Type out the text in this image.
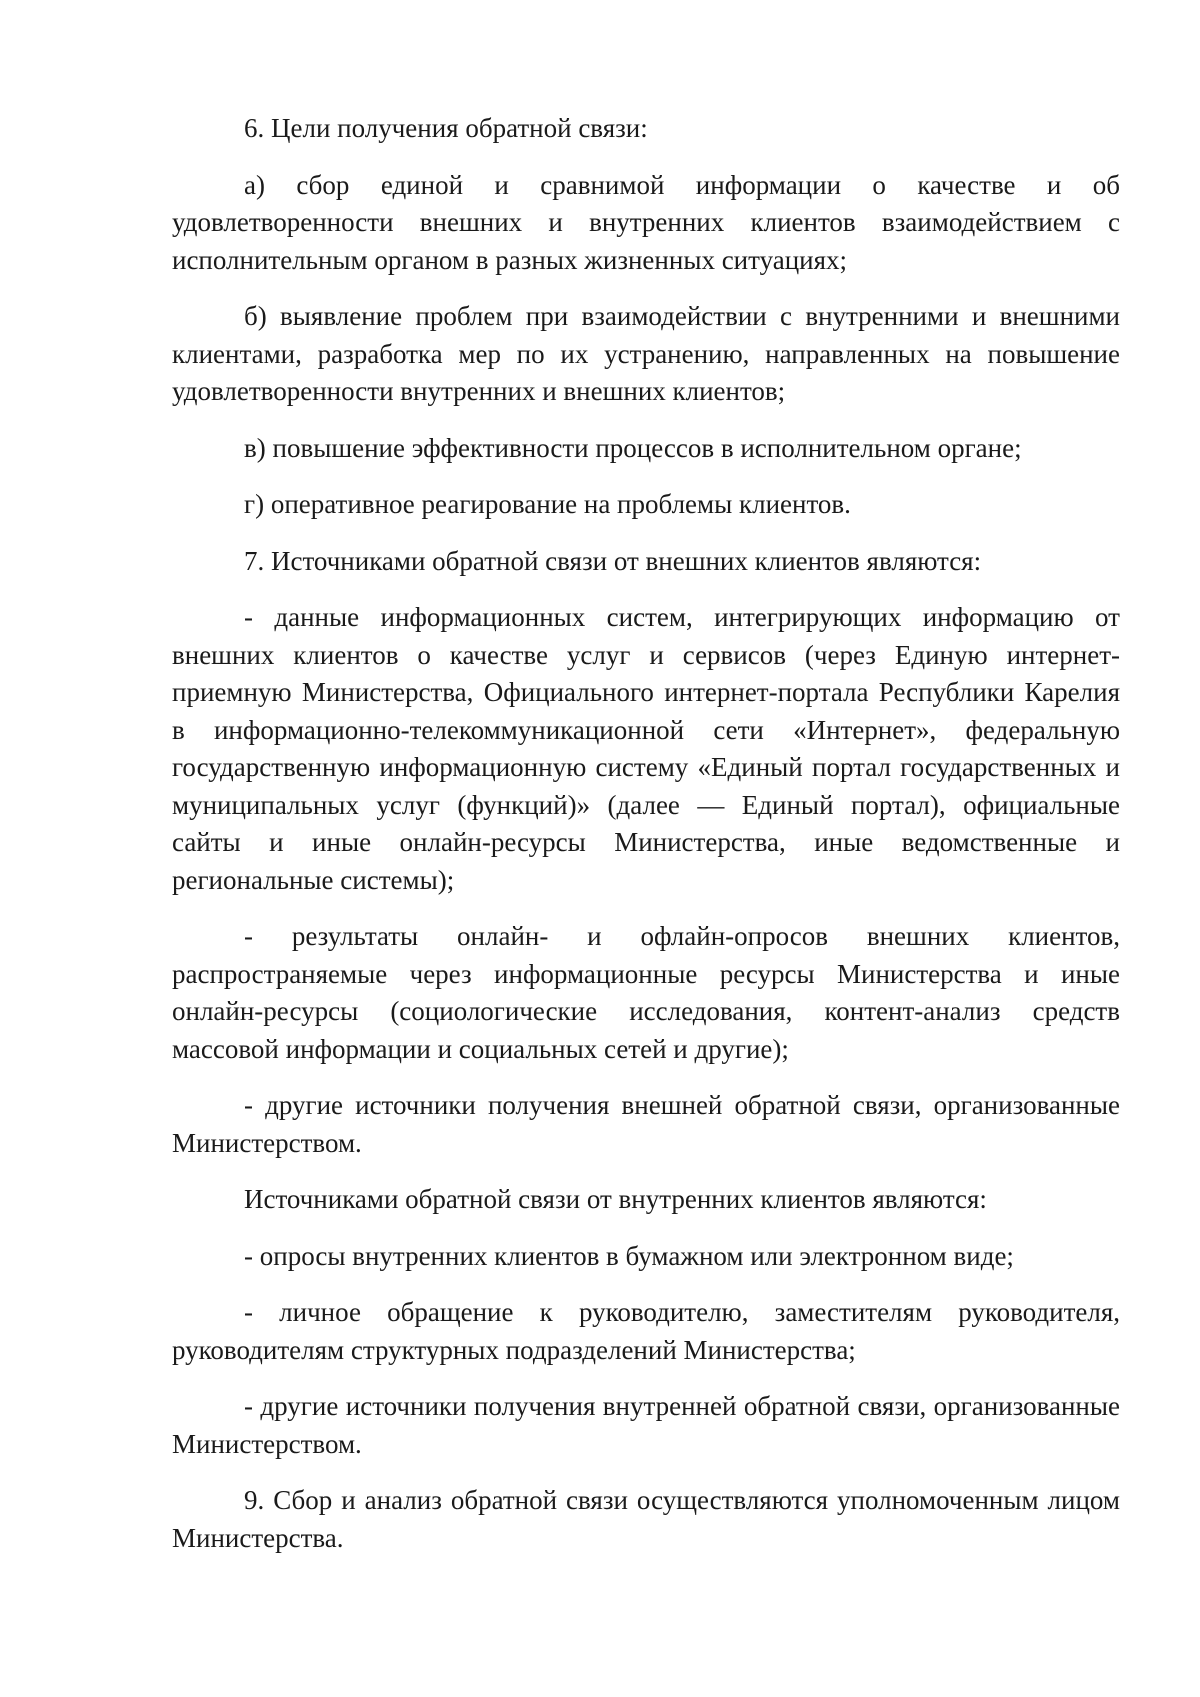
6. Цели получения обратной связи:

а) сбор единой и сравнимой информации о качестве и об удовлетворенности внешних и внутренних клиентов взаимодействием с исполнительным органом в разных жизненных ситуациях;

б) выявление проблем при взаимодействии с внутренними и внешними клиентами, разработка мер по их устранению, направленных на повышение удовлетворенности внутренних и внешних клиентов;

в) повышение эффективности процессов в исполнительном органе;

г) оперативное реагирование на проблемы клиентов.

7. Источниками обратной связи от внешних клиентов являются:

- данные информационных систем, интегрирующих информацию от внешних клиентов о качестве услуг и сервисов (через Единую интернет-приемную Министерства, Официального интернет-портала Республики Карелия в информационно-телекоммуникационной сети «Интернет», федеральную государственную информационную систему «Единый портал государственных и муниципальных услуг (функций)» (далее — Единый портал), официальные сайты и иные онлайн-ресурсы Министерства, иные ведомственные и региональные системы);

- результаты онлайн- и офлайн-опросов внешних клиентов, распространяемые через информационные ресурсы Министерства и иные онлайн-ресурсы (социологические исследования, контент-анализ средств массовой информации и социальных сетей и другие);

- другие источники получения внешней обратной связи, организованные Министерством.

Источниками обратной связи от внутренних клиентов являются:

- опросы внутренних клиентов в бумажном или электронном виде;

- личное обращение к руководителю, заместителям руководителя, руководителям структурных подразделений Министерства;

- другие источники получения внутренней обратной связи, организованные Министерством.

9. Сбор и анализ обратной связи осуществляются уполномоченным лицом Министерства.
